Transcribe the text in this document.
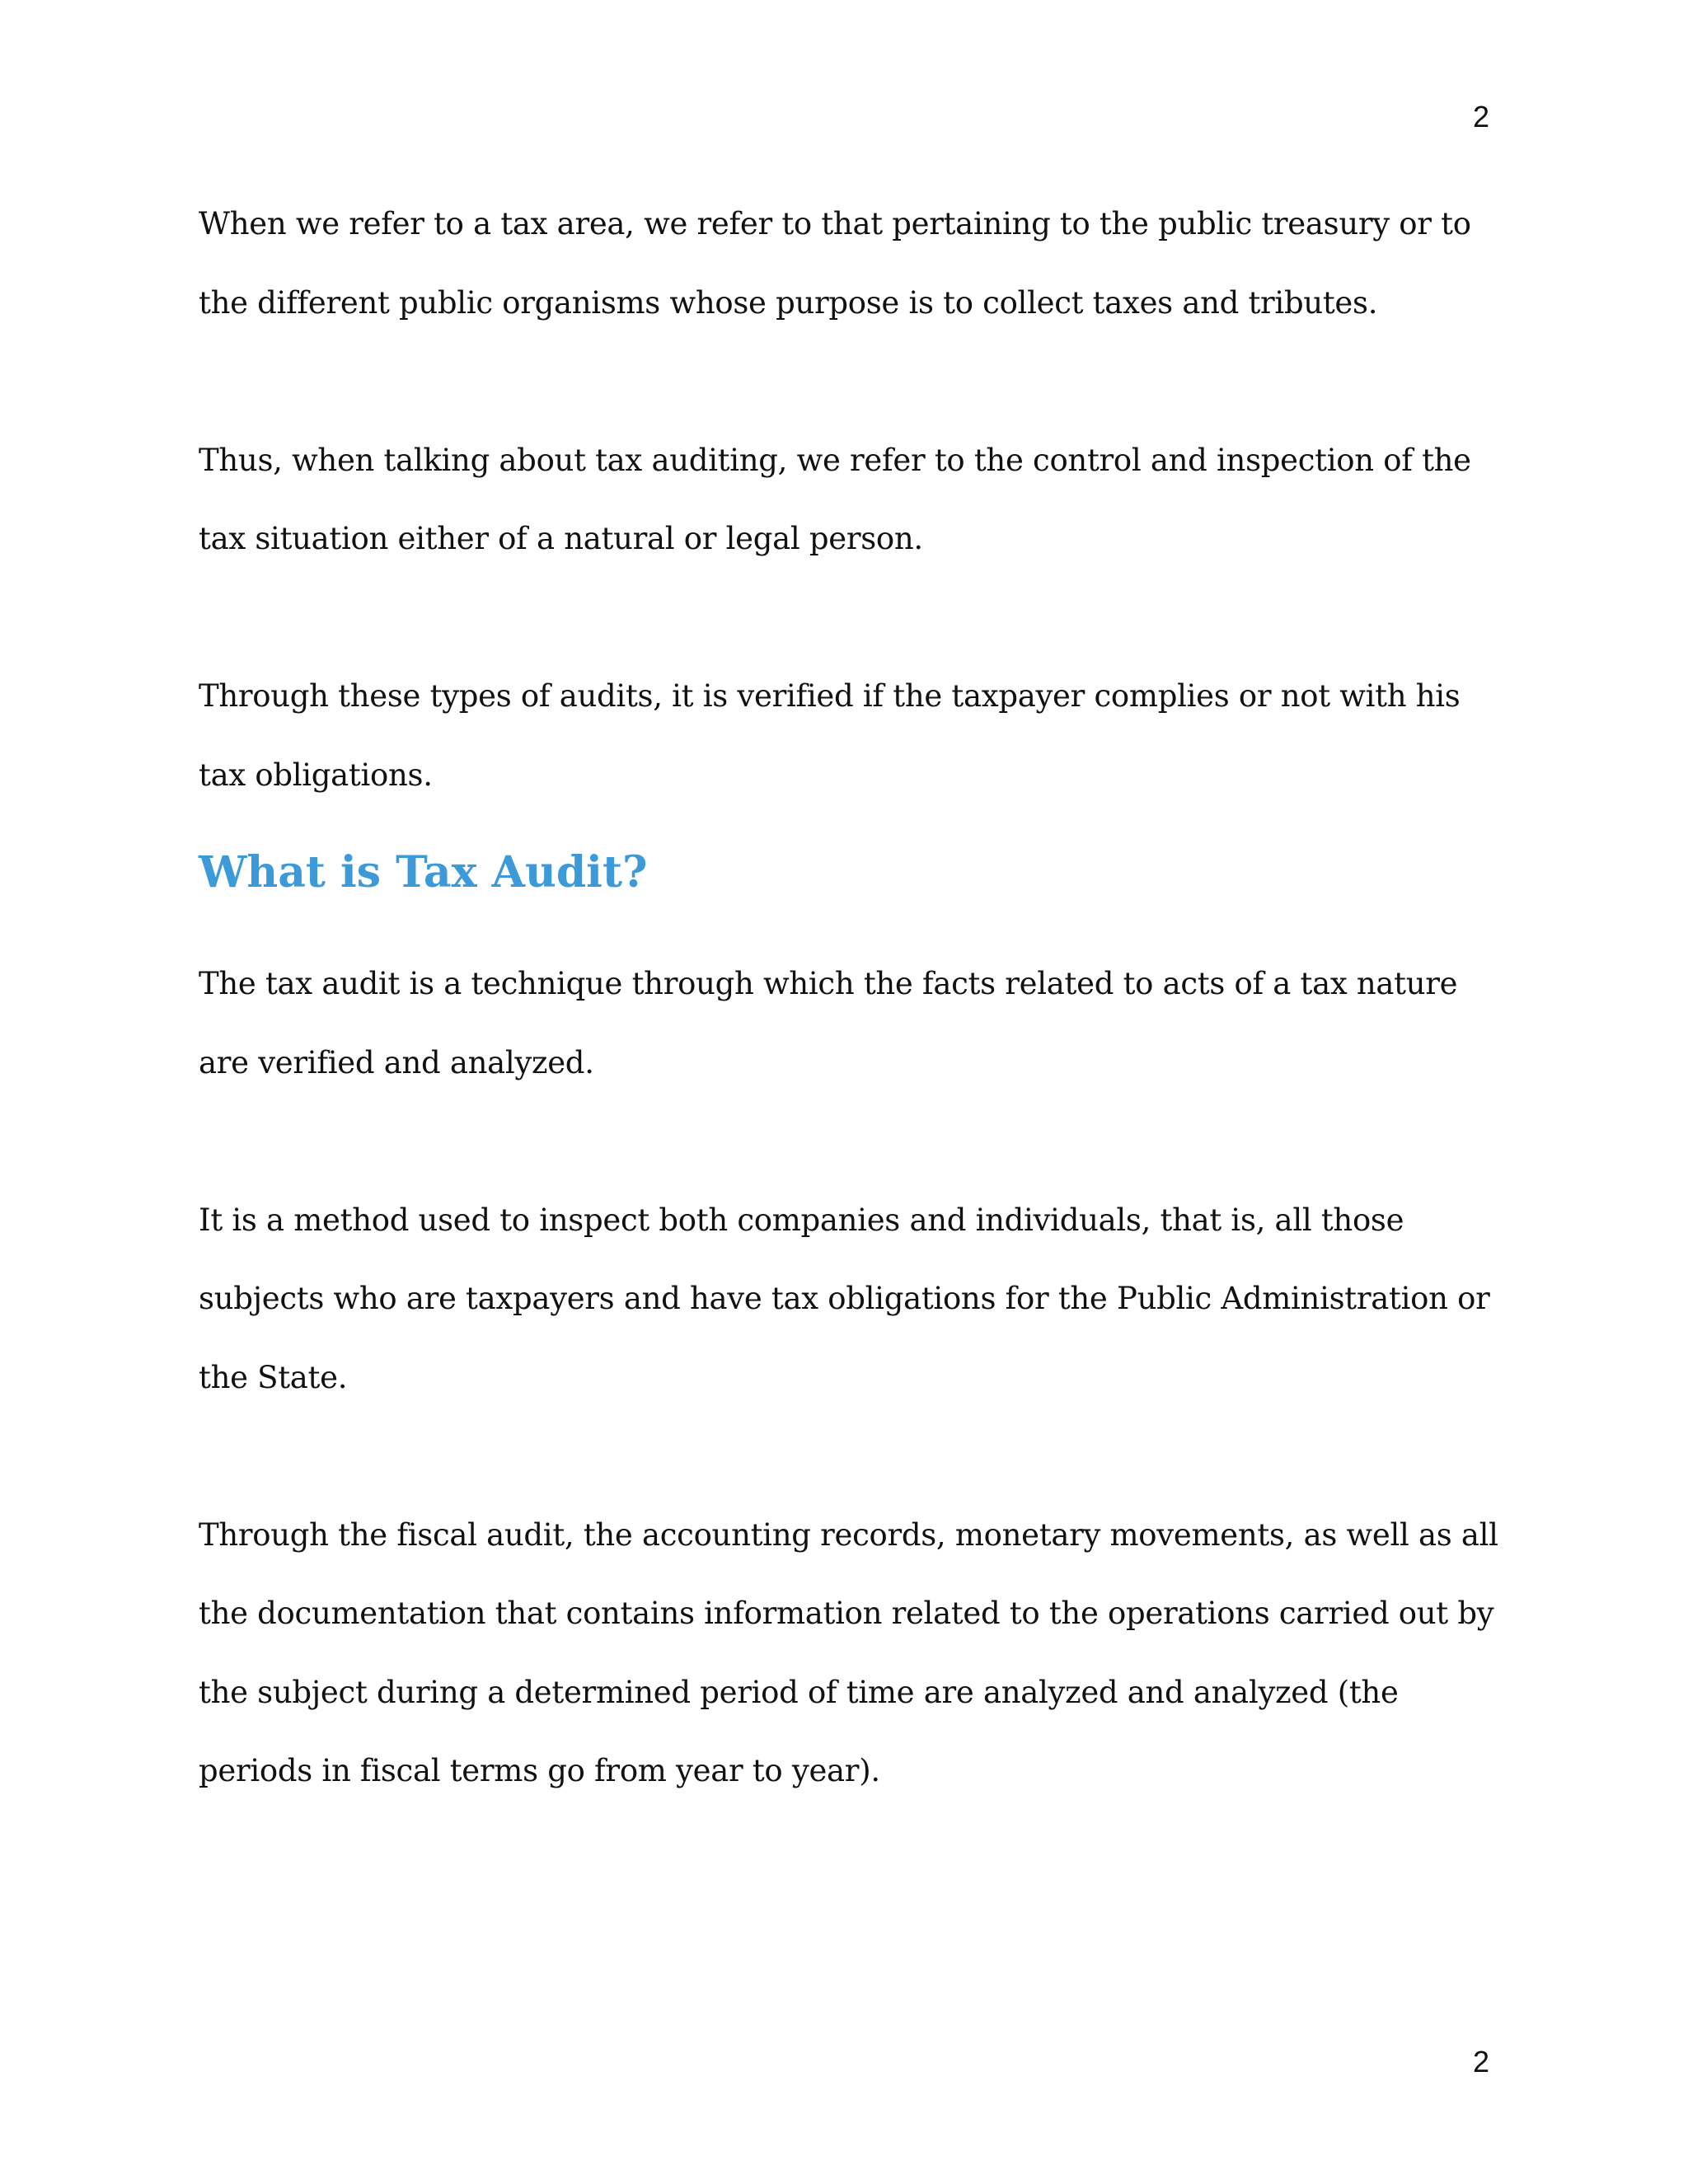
2

When we refer to a tax area, we refer to that pertaining to the public treasury or to the different public organisms whose purpose is to collect taxes and tributes.

Thus, when talking about tax auditing, we refer to the control and inspection of the tax situation either of a natural or legal person.

Through these types of audits, it is verified if the taxpayer complies or not with his tax obligations.

What is Tax Audit?

The tax audit is a technique through which the facts related to acts of a tax nature are verified and analyzed.

It is a method used to inspect both companies and individuals, that is, all those subjects who are taxpayers and have tax obligations for the Public Administration or the State.

Through the fiscal audit, the accounting records, monetary movements, as well as all the documentation that contains information related to the operations carried out by the subject during a determined period of time are analyzed and analyzed (the periods in fiscal terms go from year to year).

2
